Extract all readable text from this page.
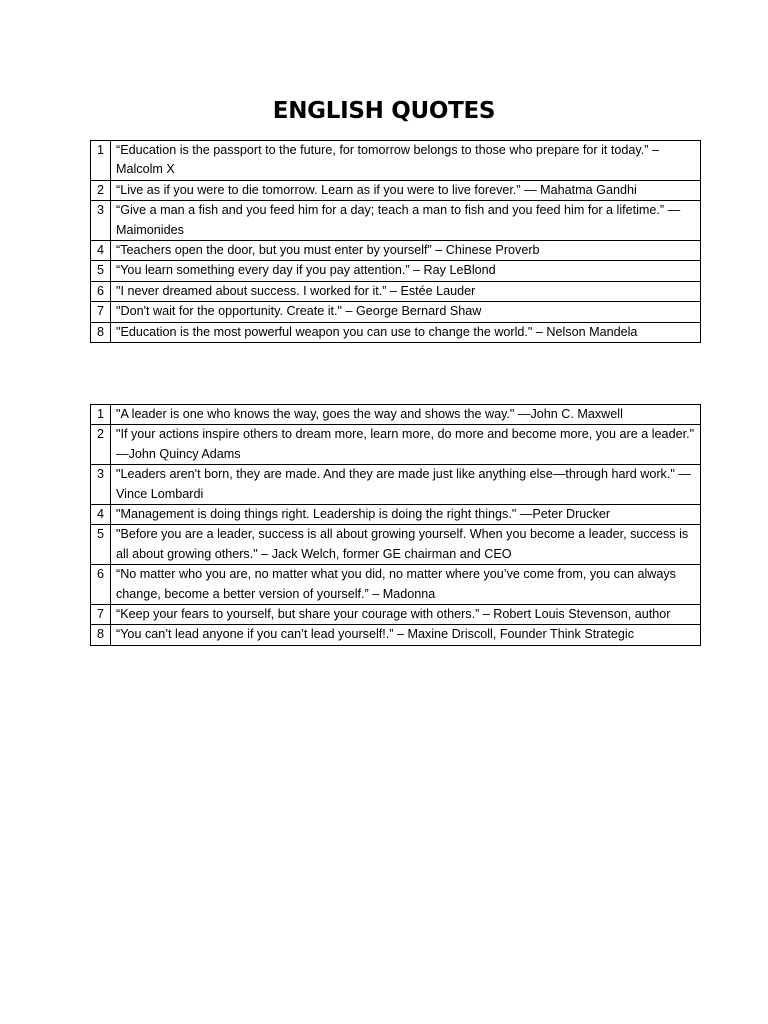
ENGLISH QUOTES
1	“Education is the passport to the future, for tomorrow belongs to those who prepare for it today.” – Malcolm X
2	“Live as if you were to die tomorrow. Learn as if you were to live forever.” — Mahatma Gandhi
3	“Give a man a fish and you feed him for a day; teach a man to fish and you feed him for a lifetime.” —Maimonides
4	“Teachers open the door, but you must enter by yourself” – Chinese Proverb
5	“You learn something every day if you pay attention.” – Ray LeBlond
6	"I never dreamed about success. I worked for it.” – Estée Lauder
7	"Don't wait for the opportunity. Create it." – George Bernard Shaw
8	"Education is the most powerful weapon you can use to change the world." – Nelson Mandela
1	"A leader is one who knows the way, goes the way and shows the way." —John C. Maxwell
2	"If your actions inspire others to dream more, learn more, do more and become more, you are a leader." —John Quincy Adams
3	"Leaders aren't born, they are made. And they are made just like anything else—through hard work." —Vince Lombardi
4	"Management is doing things right. Leadership is doing the right things." —Peter Drucker
5	"Before you are a leader, success is all about growing yourself. When you become a leader, success is all about growing others." – Jack Welch, former GE chairman and CEO
6	“No matter who you are, no matter what you did, no matter where you’ve come from, you can always change, become a better version of yourself.” – Madonna
7	“Keep your fears to yourself, but share your courage with others.” – Robert Louis Stevenson, author
8	“You can’t lead anyone if you can’t lead yourself!.” – Maxine Driscoll, Founder Think Strategic
